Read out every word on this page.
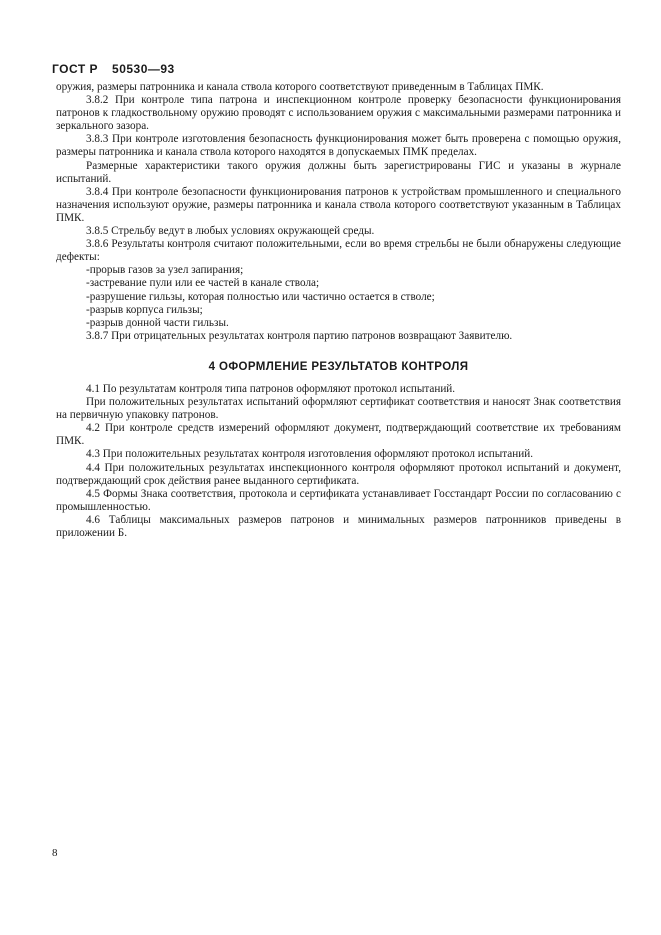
ГОСТ Р 50530—93

оружия, размеры патронника и канала ствола которого соответствуют приведенным в Таблицах ПМК.

3.8.2 При контроле типа патрона и инспекционном контроле проверку безопасности функционирования патронов к гладкоствольному оружию проводят с использованием оружия с максимальными размерами патронника и зеркального зазора.

3.8.3 При контроле изготовления безопасность функционирования может быть проверена с помощью оружия, размеры патронника и канала ствола которого находятся в допускаемых ПМК пределах.

Размерные характеристики такого оружия должны быть зарегистрированы ГИС и указаны в журнале испытаний.

3.8.4 При контроле безопасности функционирования патронов к устройствам промышленного и специального назначения используют оружие, размеры патронника и канала ствола которого соответствуют указанным в Таблицах ПМК.

3.8.5 Стрельбу ведут в любых условиях окружающей среды.

3.8.6 Результаты контроля считают положительными, если во время стрельбы не были обнаружены следующие дефекты:

-прорыв газов за узел запирания;

-застревание пули или ее частей в канале ствола;

-разрушение гильзы, которая полностью или частично остается в стволе;

-разрыв корпуса гильзы;

-разрыв донной части гильзы.

3.8.7 При отрицательных результатах контроля партию патронов возвращают Заявителю.

4 ОФОРМЛЕНИЕ РЕЗУЛЬТАТОВ КОНТРОЛЯ

4.1 По результатам контроля типа патронов оформляют протокол испытаний.

При положительных результатах испытаний оформляют сертификат соответствия и наносят Знак соответствия на первичную упаковку патронов.

4.2 При контроле средств измерений оформляют документ, подтверждающий соответствие их требованиям ПМК.

4.3 При положительных результатах контроля изготовления оформляют протокол испытаний.

4.4 При положительных результатах инспекционного контроля оформляют протокол испытаний и документ, подтверждающий срок действия ранее выданного сертификата.

4.5 Формы Знака соответствия, протокола и сертификата устанавливает Госстандарт России по согласованию с промышленностью.

4.6 Таблицы максимальных размеров патронов и минимальных размеров патронников приведены в приложении Б.

8
